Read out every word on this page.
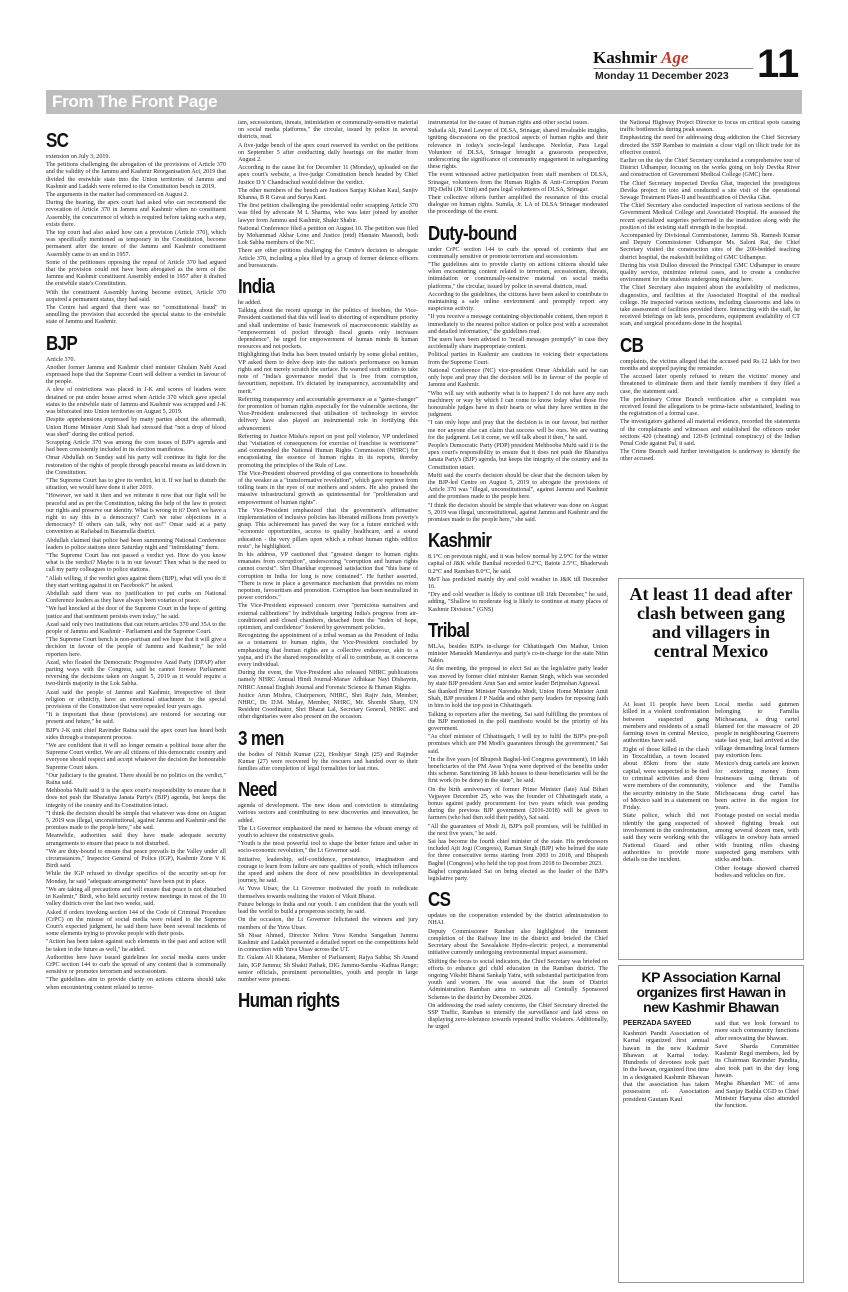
Kashmir Age
Monday 11 December 2023 11
From The Front Page
SC

extension on July 3, 2019.

The petitions challenging the abrogation of the provisions of Article 370 and the validity of the Jammu and Kashmir Reorganisation Act, 2019 that divided the erstwhile state into the Union territories of Jammu and Kashmir and Ladakh were referred to the Constitution bench in 2019.

The arguments in the matter had commenced on August 2.

During the hearing, the apex court had asked who can recommend the revocation of Article 370 in Jammu and Kashmir when no constituent Assembly, the concurrence of which is required before taking such a step, exists there.

The top court had also asked how can a provision (Article 370), which was specifically mentioned as temporary in the Constitution, become permanent after the tenure of the Jammu and Kashmir constituent Assembly came to an end in 1957.

Some of the petitioners opposing the repeal of Article 370 had argued that the provision could not have been abrogated as the term of the Jammu and Kashmir constituent Assembly ended in 1957 after it drafted the erstwhile state's Constitution.

With the constituent Assembly having become extinct, Article 370 acquired a permanent status, they had said.

The Centre had argued that there was no "constitutional fraud" in annulling the provision that accorded the special status to the erstwhile state of Jammu and Kashmir.

BJP

Article 370.

Another former Jammu and Kashmir chief minister Ghulam Nabi Azad expressed hope that the Supreme Court will deliver a verdict in favour of the people.

A slew of restrictions was placed in J-K and scores of leaders were detained or put under house arrest when Article 370 which gave special status to the erstwhile state of Jammu and Kashmir was scrapped and J-K was bifurcated into Union territories on August 5, 2019.

Despite apprehensions expressed by many parties about the aftermath, Union Home Minister Amit Shah had stressed that "not a drop of blood was shed" during the critical period.

Scrapping Article 370 was among the core issues of BJP's agenda and had been consistently included in its election manifestos.

Omar Abdullah on Sunday said his party will continue its fight for the restoration of the rights of people through peaceful means as laid down in the Constitution.

"The Supreme Court has to give its verdict, let it. If we had to disturb the situation, we would have done it after 2019.

"However, we said it then and we reiterate it now that our fight will be peaceful and as per the Constitution, taking the help of the law to protect our rights and preserve our identity. What is wrong in it? Don't we have a right to say this in a democracy? Can't we raise objections in a democracy? If others can talk, why not us?" Omar said at a party convention at Rafiabad in Baramulla district.

Abdullah claimed that police had been summoning National Conference leaders to police stations since Saturday night and "intimidating" them.

"The Supreme Court has not passed a verdict yet. How do you know what is the verdict? Maybe it is in our favour! Then what is the need to call my party colleagues to police stations.

"Allah willing, if the verdict goes against them (BJP), what will you do if they start writing against it on Facebook?" he asked.

Abdullah said there was no justification to put curbs on National Conference leaders as they have always been votaries of peace.

"We had knocked at the door of the Supreme Court in the hope of getting justice and that sentiment persists even today," he said.

Azad said only two institutions that can return articles 370 and 35A to the people of Jammu and Kashmir - Parliament and the Supreme Court.

"The Supreme Court bench is non-partisan and we hope that it will give a decision in favour of the people of Jammu and Kashmir," he told reporters here.

Azad, who floated the Democratic Progressive Azad Party (DPAP) after parting ways with the Congress, said he cannot foresee Parliament reversing the decisions taken on August 5, 2019 as it would require a two-thirds majority in the Lok Sabha.

Azad said the people of Jammu and Kashmir, irrespective of their religion or ethnicity, have an emotional attachment to the special provisions of the Constitution that were repealed four years ago.

"It is important that these (provisions) are restored for securing our present and future," he said.

BJP's J-K unit chief Ravinder Raina said the apex court has heard both sides through a transparent process.

"We are confident that it will no longer remain a political issue after the Supreme Court verdict. We are all citizens of this democratic country and everyone should respect and accept whatever the decision the honourable Supreme Court takes.

"Our judiciary is the greatest. There should be no politics on the verdict," Raina said.

Mehbooba Mufti said it is the apex court's responsibility to ensure that it does not push the Bharatiya Janata Party's (BJP) agenda, but keeps the integrity of the country and its Constitution intact.

"I think the decision should be simple that whatever was done on August 5, 2019 was illegal, unconstitutional, against Jammu and Kashmir and the promises made to the people here," she said.

Meanwhile, authorities said they have made adequate security arrangements to ensure that peace is not disturbed.

"We are duty-bound to ensure that peace prevails in the Valley under all circumstances," Inspector General of Police (IGP), Kashmir Zone V K Birdi said.

While the IGP refused to divulge specifics of the security set-up for Monday, he said "adequate arrangements" have been put in place.

"We are taking all precautions and will ensure that peace is not disturbed in Kashmir," Birdi, who held security review meetings in most of the 10 valley districts over the last two weeks, said.

Asked if orders invoking section 144 of the Code of Criminal Procedure (CrPC) on the misuse of social media were related to the Supreme Court's expected judgment, he said there have been several incidents of some elements trying to provoke people with their posts.

"Action has been taken against such elements in the past and action will be taken in the future as well," he added.

Authorities here have issued guidelines for social media users under CrPC section 144 to curb the spread of any content that is communally sensitive or promotes terrorism and secessionism.

"The guidelines aim to provide clarity on actions citizens should take when encountering content related to terror-

ism, secessionism, threats, intimidation or communally-sensitive material on social media platforms," the circular, issued by police in several districts, read.

A five-judge bench of the apex court reserved its verdict on the petitions on September 5 after conducting daily hearings on the matter from August 2.

According to the cause list for December 11 (Monday), uploaded on the apex court's website, a five-judge Constitution bench headed by Chief Justice D Y Chandrachud would deliver the verdict.

The other members of the bench are Justices Sanjay Kishan Kaul, Sanjiv Khanna, B R Gavai and Surya Kant.

The first petition challenging the presidential order scrapping Article 370 was filed by advocate M L Sharma, who was later joined by another lawyer from Jammu and Kashmir, Shakir Shabir.

National Conference filed a petition on August 10. The petition was filed by Mohammad Akbar Lone and Justice (retd) Hasnain Masoodi, both Lok Sabha members of the NC.

There are other petitions challenging the Centre's decision to abrogate Article 370, including a plea filed by a group of former defence officers and bureaucrats.

India

he added.

Talking about the recent upsurge in the politics of freebies, the Vice-President cautioned that this will lead to distorting of expenditure priority and shall undermine of basic framework of macroeconomic stability as "empowerment of pocket through fiscal grants only increases dependence", he urged for empowerment of human minds & human resources and not pockets.

Highlighting that India has been treated unfairly by some global entities, VP asked them to delve deep into the nation's performance on human rights and not merely scratch the surface. He warned such entities to take note of "India's governance model that is free from corruption, favouritism, nepotism. It's dictated by transparency, accountability and merit."

Referring transparency and accountable governance as a "game-changer" for promotion of human rights especially for the vulnerable sections, the Vice-President underscored that utilisation of technology in service delivery have also played an instrumental role in fortifying this advancement.

Referring to Justice Misha's report on post poll violence, VP underlined that "visitation of consequences for exercise of franchise is worrisome" and commended the National Human Rights Commission (NHRC) for encapsulating the essence of human rights in its reports, thereby promoting the principles of the Rule of Law.

The Vice-President observed providing of gas connections to households of the weaker as a "transformative revolution", which gave reprieve from toiling tears in the eyes of our mothers and sisters. He also praised the massive infrastructural growth as quintessential for "proliferation and empowerment of human rights".

The Vice-President emphasized that the government's affirmative implementation of inclusive policies has liberated millions from poverty's grasp. This achievement has paved the way for a future enriched with "economic opportunities, access to quality healthcare, and a sound education - the very pillars upon which a robust human rights edifice rests", he highlighted.

In his address, VP cautioned that "greatest danger to human rights emanates from corruption", underscoring "corruption and human rights cannot coexist". Shri Dhankhar expressed satisfaction that "this bane of corruption in India for long is now contained". He further asserted, "There is now in place a governance mechanism that provides no room nepotism, favouritism and promotion. Corruption has been neutralized in power corridors."

The Vice-President expressed concern over "pernicious narratives and external calibrations" by individuals targeting India's progress from air-conditioned and closed chambers, detached from the "index of hope, optimism, and confidence" fostered by government policies.

Recognizing the appointment of a tribal woman as the President of India as a testament to human rights, the Vice-President concluded by emphasizing that human rights are a collective endeavour, akin to a yajna, and it's the shared responsibility of all to contribute, as it concerns every individual.

During the event, the Vice-President also released NHRC publications namely NHRC Annual Hindi Journal-Manav Adhikaar Nayi Dishayein, NHRC Annual English Journal and Forensic Science & Human Rights.

Justice Arun Mishra, Chairperson, NHRC, Shri Rajiv Jain, Member, NHRC, Dr. D.M. Mulay, Member, NHRC, Mr. Shombi Sharp, UN Resident Coordinator, Shri Bharat Lal, Secretary General, NHRC and other dignitaries were also present on the occasion.

3 men

the bodies of Nitish Kumar (22), Hoshiyar Singh (25) and Rajinder Kumar (27) were recovered by the rescuers and handed over to their families after completion of legal formalities for last rites.

Need

agenda of development. The new ideas and conviction is stimulating various sectors and contributing to new discoveries and innovation, he added.

The Lt Governor emphasized the need to harness the vibrant energy of youth to achieve the constructive goals.

"Youth is the most powerful tool to shape the better future and usher in socio-economic revolution," the Lt Governor said.

Initiative, leadership, self-confidence, persistence, imagination and courage to learn from failure are rare qualities of youth, which influences the speed and ushers the door of new possibilities in developmental journey, he said.

At Yuva Utsav, the Lt Governor motivated the youth to rededicate themselves towards realizing the vision of Viksit Bharat.

Future belongs to India and our youth. I am confident that the youth will lead the world to build a prosperous society, he said.

On the occasion, the Lt Governor felicitated the winners and jury members of the Yuva Utsav.

Sh Nisar Ahmed, Director Nehru Yuva Kendra Sangathan Jammu Kashmir and Ladakh presented a detailed report on the competitions held in connection with Yuva Utsav across the UT.

Er. Gulam Ali Khatana, Member of Parliament, Rajya Sabha; Sh Anand Jain, IGP Jammu; Sh Shakti Pathak, DIG Jammu-Samba -Kathua Range; senior officials, prominent personalities, youth and people in large number were present.

Human rights

instrumental for the cause of human rights and other social issues.

Suhaila Ali, Panel Lawyer of DLSA, Srinagar, shared invaluable insights, igniting discussions on the practical aspects of human rights and their relevance in today's socio-legal landscape. Neelofar, Para Legal Volunteer of DLSA, Srinagar brought a grassroots perspective, underscoring the significance of community engagement in safeguarding these rights.

The event witnessed active participation from staff members of DLSA, Srinagar, volunteers from the Human Rights & Anti-Corruption Forum HQ-Delhi (JK Unit) and para legal volunteers of DLSA, Srinagar.

Their collective efforts further amplified the resonance of this crucial dialogue on human rights. Sumila, Jr. LA of DLSA Srinagar moderated the proceedings of the event.

Duty-bound

under CrPC section 144 to curb the spread of contents that are communally sensitive or promote terrorism and secessionism.

"The guidelines aim to provide clarity on actions citizens should take when encountering content related to terrorism, secessionism, threats, intimidation or communally-sensitive material on social media platforms," the circular, issued by police in several districts, read.

According to the guidelines, the citizens have been asked to contribute to maintaining a safe online environment and promptly report any suspicious activity.

"If you receive a message containing objectionable content, then report it immediately to the nearest police station or police post with a screenshot and detailed information," the guidelines read.

The users have been advised to "recall messages promptly" in case they accidentally share inappropriate content.

Political parties in Kashmir are cautious in voicing their expectations from the Supreme Court.

National Conference (NC) vice-president Omar Abdullah said he can only hope and pray that the decision will be in favour of the people of Jammu and Kashmir.

"Who will say with authority what is to happen? I do not have any such machinery or way by which I can come to know today what those five honourable judges have in their hearts or what they have written in the judgment.

"I can only hope and pray that the decision is in our favour, but neither me nor anyone else can claim that success will be ours. We are waiting for the judgment. Let it come, we will talk about it then," he said.

People's Democratic Party (PDP) president Mehbooba Mufti said it is the apex court's responsibility to ensure that it does not push the Bharatiya Janata Party's (BJP) agenda, but keeps the integrity of the country and its Constitution intact.

Mufti said the court's decision should be clear that the decision taken by the BJP-led Centre on August 5, 2019 to abrogate the provisions of Article 370 was "illegal, unconstitutional", against Jammu and Kashmir and the promises made to the people here.

"I think the decision should be simple that whatever was done on August 5, 2019 was illegal, unconstitutional, against Jammu and Kashmir and the promises made to the people here," she said.

Kashmir

8.1°C on previous night, and it was below normal by 2.9°C for the winter capital of J&K while Banihal recorded 0.2°C, Batote 2.5°C, Bhaderwah 0.2°C and Ramban 8.0°C, he said.

MeT has predicted mainly dry and cold weather in J&K till December 16.

"Dry and cold weather is likely to continue till 16th December," he said, adding, "Shallow to moderate fog is likely to continue at many places of Kashmir Division." (GNS)

Tribal

MLAs, besides BJP's in-charge for Chhattisgarh Om Mathur, Union minister Mansukh Mandaviya and party's co-in-charge for the state Nitin Nabin.

At the meeting, the proposal to elect Sai as the legislative party leader was moved by former chief minister Raman Singh, which was seconded by state BJP president Arun Sao and senior leader Brijmohan Agrawal.

Sai thanked Prime Minister Narendra Modi, Union Home Minister Amit Shah, BJP president J P Nadda and other party leaders for reposing faith in him to hold the top post in Chhattisgarh.

Talking to reporters after the meeting, Sai said fulfilling the promises of the BJP mentioned in the poll manifesto would be the priority of his government.

"As chief minister of Chhattisgarh, I will try to fulfil the BJP's pre-poll promises which are PM Modi's guarantees through the government," Sai said.

"In the five years (of Bhupesh Baghel-led Congress government), 18 lakh beneficiaries of the PM Awas Yojna were deprived of the benefits under this scheme. Sanctioning 18 lakh houses to these beneficiaries will be the first work (to be done) in the state", he said.

On the birth anniversary of former Prime Minister (late) Atal Bihari Vajpayee December 25, who was the founder of Chhattisgarh state, a bonus against paddy procurement for two years which was pending during the previous BJP government (2016-2018) will be given to farmers (who had then sold their paddy), Sai said.

"All the guarantees of Modi Ji, BJP's poll promises, will be fulfilled in the next five years," he said.

Sai has become the fourth chief minister of the state. His predecessors included Ajit Jogi (Congress), Raman Singh (BJP) who helmed the state for three consecutive terms starting from 2003 to 2018, and Bhupesh Baghel (Congress) who held the top post from 2018 to December 2023.

Baghel congratulated Sai on being elected as the leader of the BJP's legislative party.

CS

updates on the cooperation extended by the district administration to NHAI.

Deputy Commissioner Ramban also highlighted the imminent completion of the Railway line in the district and briefed the Chief Secretary about the Sawalakote Hydro-electric project, a monumental initiative currently undergoing environmental impact assessment.

Shifting the focus to social indicators, the Chief Secretary was briefed on efforts to enhance girl child education in the Ramban district. The ongoing Viksbit Bharat Sankalp Yatra, with substantial participation from youth and women. He was assured that the team of District Administration Ramban aims to saturate all Centrally Sponsored Schemes in the district by December 2026.

On addressing the road safety concerns, the Chief Secretary directed the SSP Traffic, Ramban to intensify the surveillance and laid stress on displaying zero-tolerance towards repeated traffic violators. Additionally, he urged

the National Highway Project Director to focus on critical spots causing traffic bottlenecks during peak season.

Emphasizing the need for addressing drug addiction the Chief Secretary directed the SSP Ramban to maintain a close vigil on illicit trade for its effective control.

Earlier on the day the Chief Secretary conducted a comprehensive tour of District Udhampur, focusing on the works going on holy Devika River and construction of Government Medical College (GMC) here.

The Chief Secretary inspected Devika Ghat, inspected the prestigious Devika project in toto and conducted a site visit of the operational Sewage Treatment Plant-II and beautification of Devika Ghat.

The Chief Secretary also conducted inspection of various sections of the Government Medical College and Associated Hospital. He assessed the recent specialized surgeries performed in the institution along with the position of the existing staff strength in the hospital.

Accompanied by Divisional Commissioner, Jammu Sh. Ramesh Kumar and Deputy Commissioner Udhampur Ms. Saloni Rai, the Chief Secretary visited the construction sites of the 200-bedded teaching district hospital, the makeshift building of GMC Udhampur.

During his visit Dulloo directed the Principal GMC Udhampur to ensure quality service, minimize referral cases, and to create a conducive environment for the students undergoing training here.

The Chief Secretary also inquired about the availability of medicines, diagnostics, and facilities at the Associated Hospital of the medical college. He inspected various sections, including classrooms and labs to take assessment of facilities provided there. Interacting with the staff, he received briefings on lab tests, procedures, equipment availability of CT scan, and surgical procedures done in the hospital.

CB

complaints, the victims alleged that the accused paid Rs 12 lakh for two months and stopped paying the remainder.

The accused later openly refused to return the victims' money and threatened to eliminate them and their family members if they filed a case, the statement said.

The preliminary Crime Branch verification after a complaint was received found the allegations to be prima-facie substantiated, leading to the registration of a formal case.

The investigators gathered all material evidence, recorded the statements of the complainants and witnesses and established the offences under sections 420 (cheating) and 120-B (criminal conspiracy) of the Indian Penal Code against Pal, it said.

The Crime Branch said further investigation is underway to identify the other accused.

At least 11 dead after clash between gang and villagers in central Mexico

At least 11 people have been killed in a violent confrontation between suspected gang members and residents of a small farming town in central Mexico, authorities have said.

Eight of those killed in the clash in Texcaltitlan, a town located about 85km from the state capital, were suspected to be tied to criminal activities and three were members of the community, the security ministry in the State of Mexico said in a statement on Friday.

State police, which did not identify the gang suspected of involvement in the confrontation, said they were working with the National Guard and other authorities to provide more details on the incident.

Local media said gunmen belonging to Familia Michoacana, a drug cartel blamed for the massacre of 20 people in neighbouring Guerrero state last year, had arrived at the village demanding local farmers pay extortion fees.

Mexico's drug cartels are known for extorting money from businesses using threats of violence and the Familia Michoacana drug cartel has been active in the region for years.

Footage posted on social media showed fighting break out among several dozen men, with villagers in cowboy hats armed with hunting rifles chasing suspected gang members with sticks and bats.

Other footage showed charred bodies and vehicles on fire.

KP Association Karnal organizes first Hawan in new Kashmir Bhawan
PEERZADA SAYEED

Kashmiri Pandit Association of Karnal organized first annual hawan in the new Kashmir Bhawan at Karnal today. Hundreds of devotees took part in the hawan, organized first time in a designated Kashmir Bhawan that the association has taken possession of. Association president Gautam Kaul

said that we look forward to more such community functions after renovating the bhawan.

Save Sharda Committee Kashmir Regd members, led by its Chairman Ravinder Pandita, also took part in the day long hawan.

Megha Bhandari MC of area and Sanjay Bathla CGD to Chief Minister Haryana also attended the function.
